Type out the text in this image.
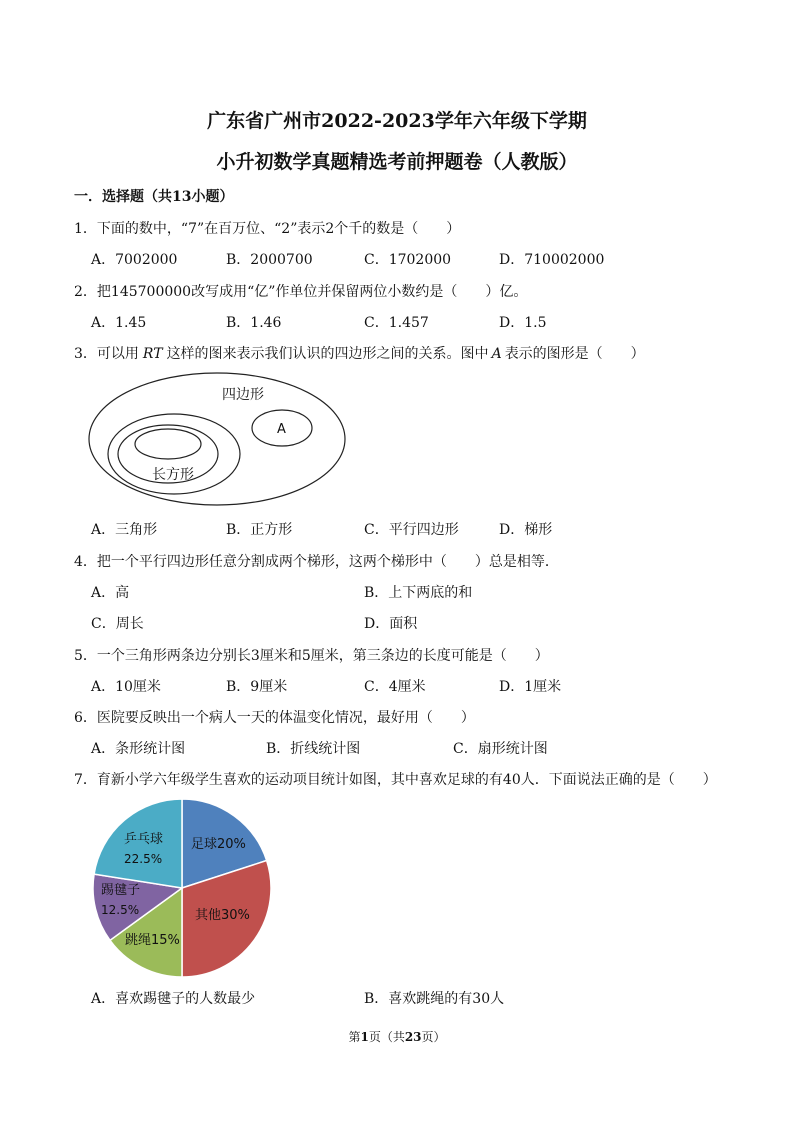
广东省广州市2022-2023学年六年级下学期
小升初数学真题精选考前押题卷（人教版）
一．选择题（共13小题）
1．下面的数中，“7”在百万位、“2”表示2个千的数是（　　）
A．7002000	B．2000700	C．1702000	D．710002000
2．把145700000改写成用“亿”作单位并保留两位小数约是（　　）亿。
A．1.45	B．1.46	C．1.457	D．1.5
3．可以用 RT 这样的图来表示我们认识的四边形之间的关系。图中 A 表示的图形是（　　）
四边形
A
长方形
A．三角形	B．正方形	C．平行四边形	D．梯形
4．把一个平行四边形任意分割成两个梯形，这两个梯形中（　　）总是相等．
A．高	B．上下两底的和
C．周长	D．面积
5．一个三角形两条边分别长3厘米和5厘米，第三条边的长度可能是（　　）
A．10厘米	B．9厘米	C．4厘米	D．1厘米
6．医院要反映出一个病人一天的体温变化情况，最好用（　　）
A．条形统计图	B．折线统计图	C．扇形统计图
7．育新小学六年级学生喜欢的运动项目统计如图，其中喜欢足球的有40人．下面说法正确的是（　　）
足球20%
其他30%
跳绳15%
踢毽子
12.5%
乒乓球
22.5%
A．喜欢踢毽子的人数最少	B．喜欢跳绳的有30人
第1页（共23页）
